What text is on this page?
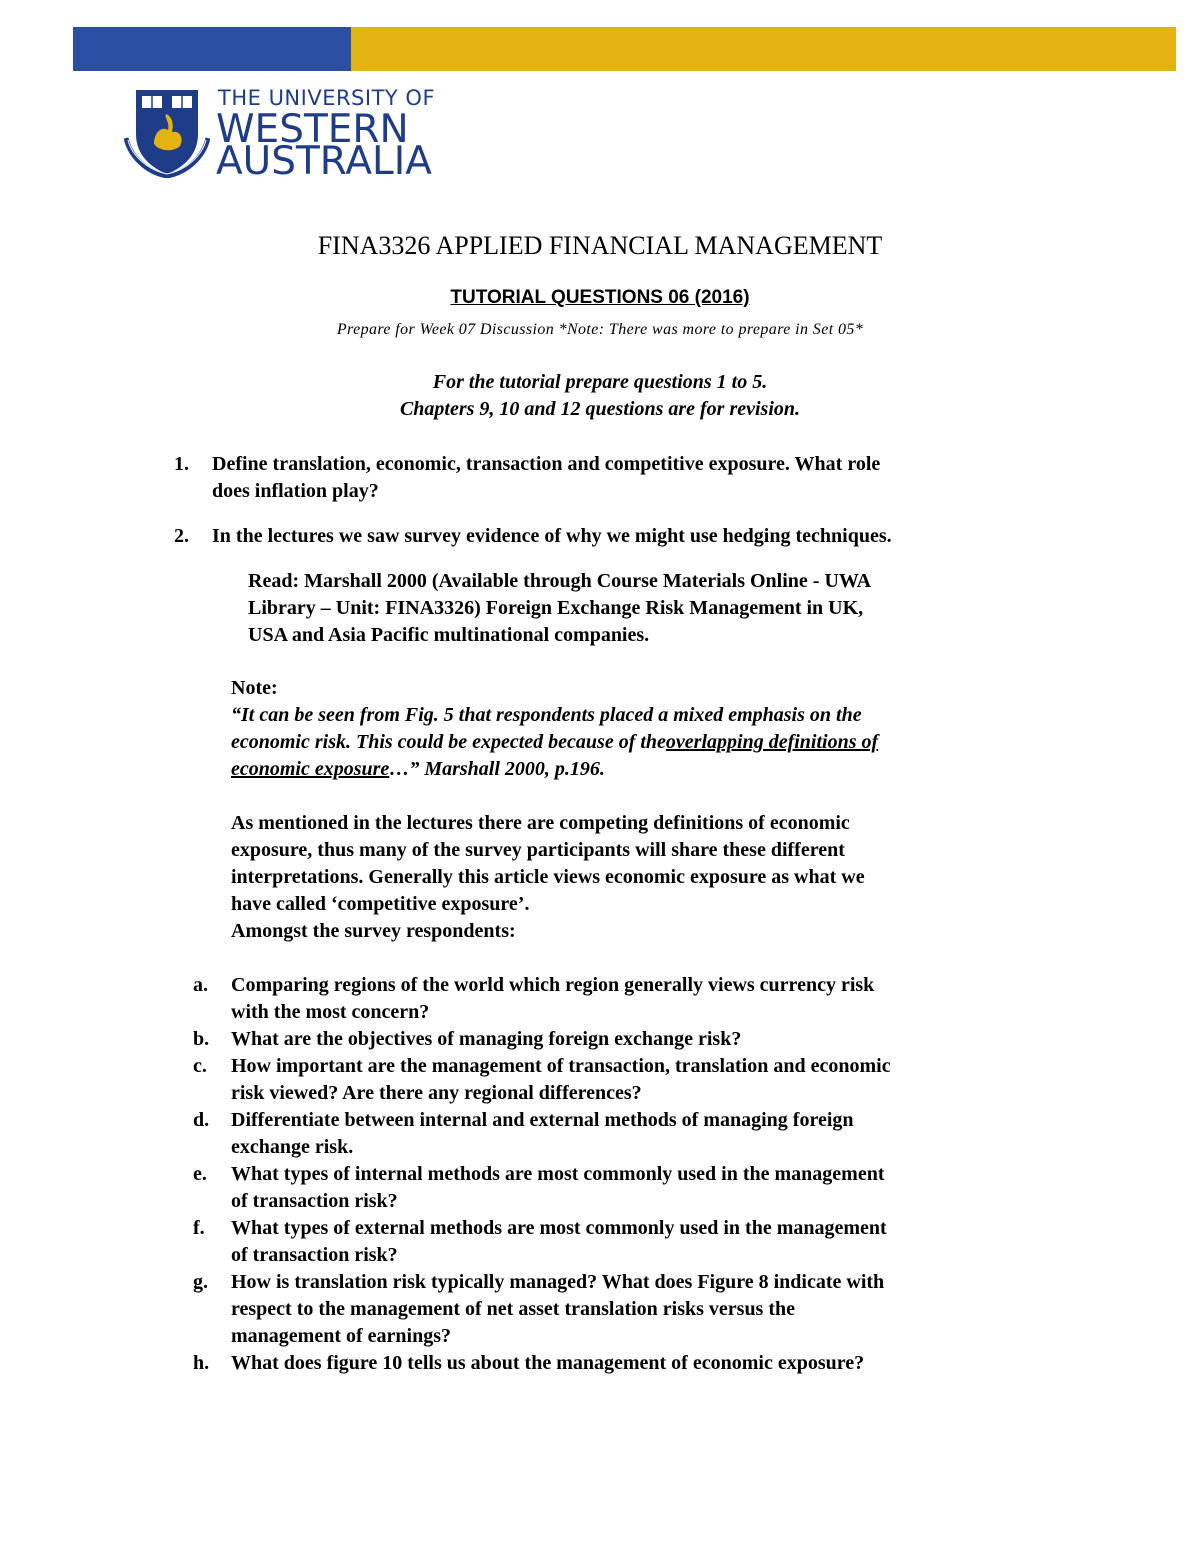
THE UNIVERSITY OF
WESTERN
AUSTRALIA
FINA3326 APPLIED FINANCIAL MANAGEMENT
TUTORIAL QUESTIONS 06 (2016)
Prepare for Week 07 Discussion *Note: There was more to prepare in Set 05*
For the tutorial prepare questions 1 to 5.
Chapters 9, 10 and 12 questions are for revision.
1.	Define translation, economic, transaction and competitive exposure. What role
does inflation play?
2.	In the lectures we saw survey evidence of why we might use hedging techniques.
Read: Marshall 2000 (Available through Course Materials Online - UWA
Library – Unit: FINA3326) Foreign Exchange Risk Management in UK,
USA and Asia Pacific multinational companies.
Note:
“It can be seen from Fig. 5 that respondents placed a mixed emphasis on the
economic risk. This could be expected because of theoverlapping definitions of
economic exposure…” Marshall 2000, p.196.
As mentioned in the lectures there are competing definitions of economic
exposure, thus many of the survey participants will share these different
interpretations. Generally this article views economic exposure as what we
have called ‘competitive exposure’.
Amongst the survey respondents:
a.	Comparing regions of the world which region generally views currency risk
with the most concern?
b.	What are the objectives of managing foreign exchange risk?
c.	How important are the management of transaction, translation and economic
risk viewed? Are there any regional differences?
d.	Differentiate between internal and external methods of managing foreign
exchange risk.
e.	What types of internal methods are most commonly used in the management
of transaction risk?
f.	What types of external methods are most commonly used in the management
of transaction risk?
g.	How is translation risk typically managed? What does Figure 8 indicate with
respect to the management of net asset translation risks versus the
management of earnings?
h.	What does figure 10 tells us about the management of economic exposure?
